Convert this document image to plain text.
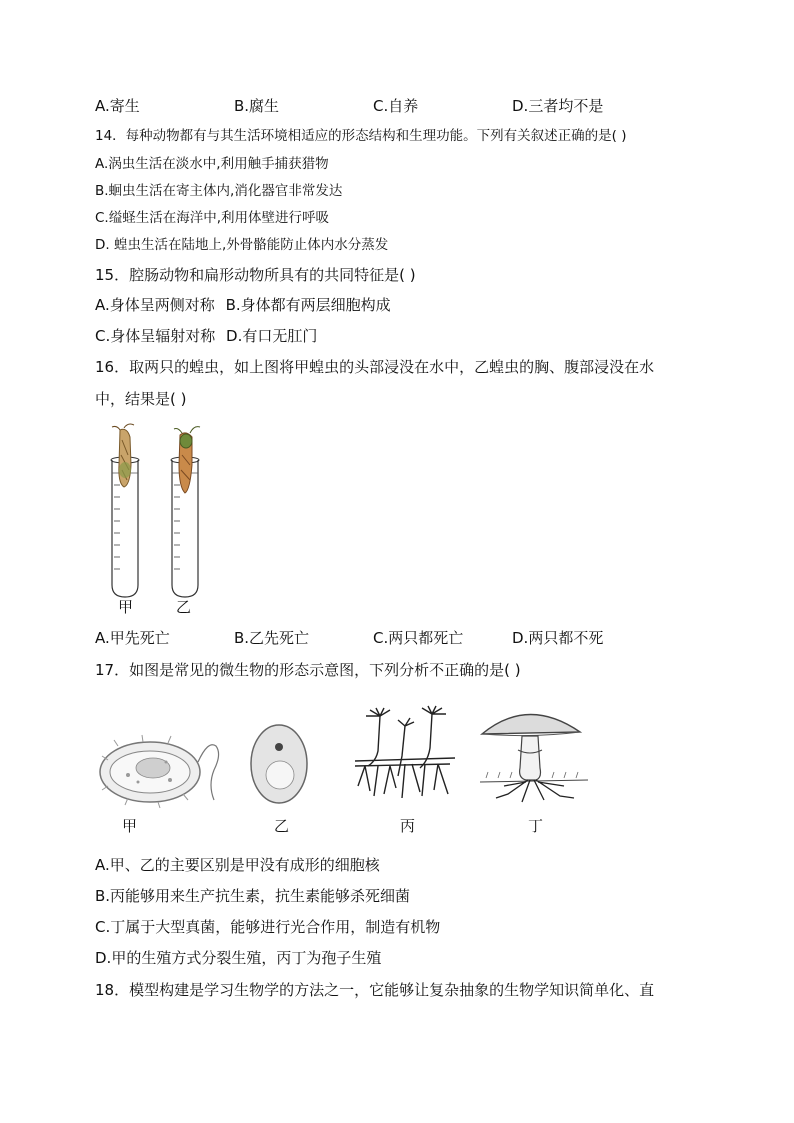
A.寄生	B.腐生	C.自养	D.三者均不是
14．每种动物都有与其生活环境相适应的形态结构和生理功能。下列有关叙述正确的是( )
A.涡虫生活在淡水中,利用触手捕获猎物
B.蛔虫生活在寄主体内,消化器官非常发达
C.缢蛏生活在海洋中,利用体壁进行呼吸
D. 蝗虫生活在陆地上,外骨骼能防止体内水分蒸发
15．腔肠动物和扁形动物所具有的共同特征是( )
A.身体呈两侧对称 B.身体都有两层细胞构成
C.身体呈辐射对称 D.有口无肛门
16．取两只的蝗虫，如上图将甲蝗虫的头部浸没在水中，乙蝗虫的胸、腹部浸没在水
中，结果是( )
甲	乙
A.甲先死亡	B.乙先死亡	C.两只都死亡	D.两只都不死
17．如图是常见的微生物的形态示意图，下列分析不正确的是( )
甲	乙	丙	丁
A.甲、乙的主要区别是甲没有成形的细胞核
B.丙能够用来生产抗生素，抗生素能够杀死细菌
C.丁属于大型真菌，能够进行光合作用，制造有机物
D.甲的生殖方式分裂生殖，丙丁为孢子生殖
18．模型构建是学习生物学的方法之一，它能够让复杂抽象的生物学知识简单化、直
